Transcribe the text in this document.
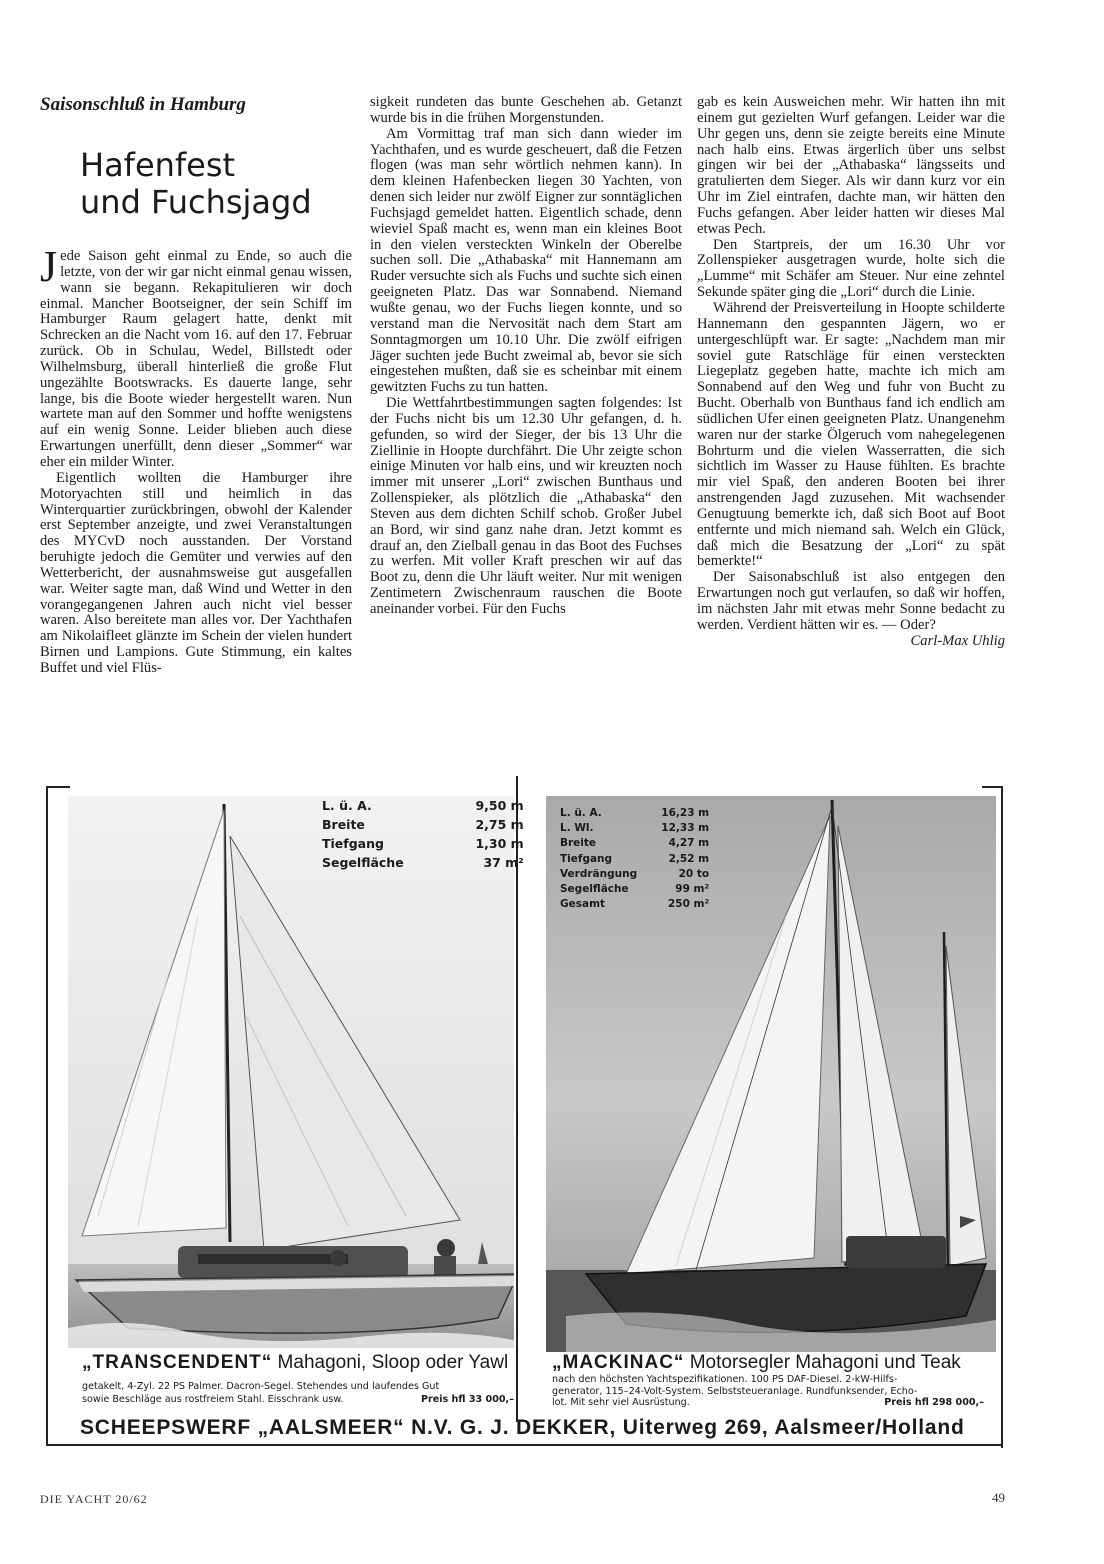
Saisonschluß in Hamburg
Hafenfest
und Fuchsjagd

Jede Saison geht einmal zu Ende, so auch die letzte, von der wir gar nicht einmal genau wissen, wann sie begann. Rekapitulieren wir doch einmal. Mancher Bootseigner, der sein Schiff im Hamburger Raum gelagert hatte, denkt mit Schrecken an die Nacht vom 16. auf den 17. Februar zurück. Ob in Schulau, Wedel, Billstedt oder Wilhelmsburg, überall hinterließ die große Flut ungezählte Bootswracks. Es dauerte lange, sehr lange, bis die Boote wieder hergestellt waren. Nun wartete man auf den Sommer und hoffte wenigstens auf ein wenig Sonne. Leider blieben auch diese Erwartungen unerfüllt, denn dieser „Sommer“ war eher ein milder Winter.

Eigentlich wollten die Hamburger ihre Motoryachten still und heimlich in das Winterquartier zurückbringen, obwohl der Kalender erst September anzeigte, und zwei Veranstaltungen des MYCvD noch ausstanden. Der Vorstand beruhigte jedoch die Gemüter und verwies auf den Wetterbericht, der ausnahmsweise gut ausgefallen war. Weiter sagte man, daß Wind und Wetter in den vorangegangenen Jahren auch nicht viel besser waren. Also bereitete man alles vor. Der Yachthafen am Nikolaifleet glänzte im Schein der vielen hundert Birnen und Lampions. Gute Stimmung, ein kaltes Buffet und viel Flüs-

sigkeit rundeten das bunte Geschehen ab. Getanzt wurde bis in die frühen Morgenstunden.

Am Vormittag traf man sich dann wieder im Yachthafen, und es wurde gescheuert, daß die Fetzen flogen (was man sehr wörtlich nehmen kann). In dem kleinen Hafenbecken liegen 30 Yachten, von denen sich leider nur zwölf Eigner zur sonntäglichen Fuchsjagd gemeldet hatten. Eigentlich schade, denn wieviel Spaß macht es, wenn man ein kleines Boot in den vielen versteckten Winkeln der Oberelbe suchen soll. Die „Athabaska“ mit Hannemann am Ruder versuchte sich als Fuchs und suchte sich einen geeigneten Platz. Das war Sonnabend. Niemand wußte genau, wo der Fuchs liegen konnte, und so verstand man die Nervosität nach dem Start am Sonntagmorgen um 10.10 Uhr. Die zwölf eifrigen Jäger suchten jede Bucht zweimal ab, bevor sie sich eingestehen mußten, daß sie es scheinbar mit einem gewitzten Fuchs zu tun hatten.

Die Wettfahrtbestimmungen sagten folgendes: Ist der Fuchs nicht bis um 12.30 Uhr gefangen, d. h. gefunden, so wird der Sieger, der bis 13 Uhr die Ziellinie in Hoopte durchfährt. Die Uhr zeigte schon einige Minuten vor halb eins, und wir kreuzten noch immer mit unserer „Lori“ zwischen Bunthaus und Zollenspieker, als plötzlich die „Athabaska“ den Steven aus dem dichten Schilf schob. Großer Jubel an Bord, wir sind ganz nahe dran. Jetzt kommt es drauf an, den Zielball genau in das Boot des Fuchses zu werfen. Mit voller Kraft preschen wir auf das Boot zu, denn die Uhr läuft weiter. Nur mit wenigen Zentimetern Zwischenraum rauschen die Boote aneinander vorbei. Für den Fuchs

gab es kein Ausweichen mehr. Wir hatten ihn mit einem gut gezielten Wurf gefangen. Leider war die Uhr gegen uns, denn sie zeigte bereits eine Minute nach halb eins. Etwas ärgerlich über uns selbst gingen wir bei der „Athabaska“ längsseits und gratulierten dem Sieger. Als wir dann kurz vor ein Uhr im Ziel eintrafen, dachte man, wir hätten den Fuchs gefangen. Aber leider hatten wir dieses Mal etwas Pech.

Den Startpreis, der um 16.30 Uhr vor Zollenspieker ausgetragen wurde, holte sich die „Lumme“ mit Schäfer am Steuer. Nur eine zehntel Sekunde später ging die „Lori“ durch die Linie.

Während der Preisverteilung in Hoopte schilderte Hannemann den gespannten Jägern, wo er untergeschlüpft war. Er sagte: „Nachdem man mir soviel gute Ratschläge für einen versteckten Liegeplatz gegeben hatte, machte ich mich am Sonnabend auf den Weg und fuhr von Bucht zu Bucht. Oberhalb von Bunthaus fand ich endlich am südlichen Ufer einen geeigneten Platz. Unangenehm waren nur der starke Ölgeruch vom nahegelegenen Bohrturm und die vielen Wasserratten, die sich sichtlich im Wasser zu Hause fühlten. Es brachte mir viel Spaß, den anderen Booten bei ihrer anstrengenden Jagd zuzusehen. Mit wachsender Genugtuung bemerkte ich, daß sich Boot auf Boot entfernte und mich niemand sah. Welch ein Glück, daß mich die Besatzung der „Lori“ zu spät bemerkte!“

Der Saisonabschluß ist also entgegen den Erwartungen noch gut verlaufen, so daß wir hoffen, im nächsten Jahr mit etwas mehr Sonne bedacht zu werden. Verdient hätten wir es. — Oder?

Carl-Max Uhlig
L. ü. A.	9,50 m
Breite	2,75 m
Tiefgang	1,30 m
Segelfläche	37 m²
L. ü. A.	16,23 m
L. Wl.	12,33 m
Breite	4,27 m
Tiefgang	2,52 m
Verdrängung	20 to
Segelfläche	99 m²
Gesamt	250 m²
„TRANSCENDENT“ Mahagoni, Sloop oder Yawl
getakelt, 4-Zyl. 22 PS Palmer. Dacron-Segel. Stehendes und laufendes Gut
sowie Beschläge aus rostfreiem Stahl. Eisschrank usw.	Preis hfl 33 000,–
„MACKINAC“ Motorsegler Mahagoni und Teak
nach den höchsten Yachtspezifikationen. 100 PS DAF-Diesel. 2-kW-Hilfs-
generator, 115–24-Volt-System. Selbststeueranlage. Rundfunksender, Echo-
lot. Mit sehr viel Ausrüstung.	Preis hfl 298 000,–
SCHEEPSWERF „AALSMEER“ N.V. G. J. DEKKER, Uiterweg 269, Aalsmeer/Holland
DIE YACHT 20/62	49
